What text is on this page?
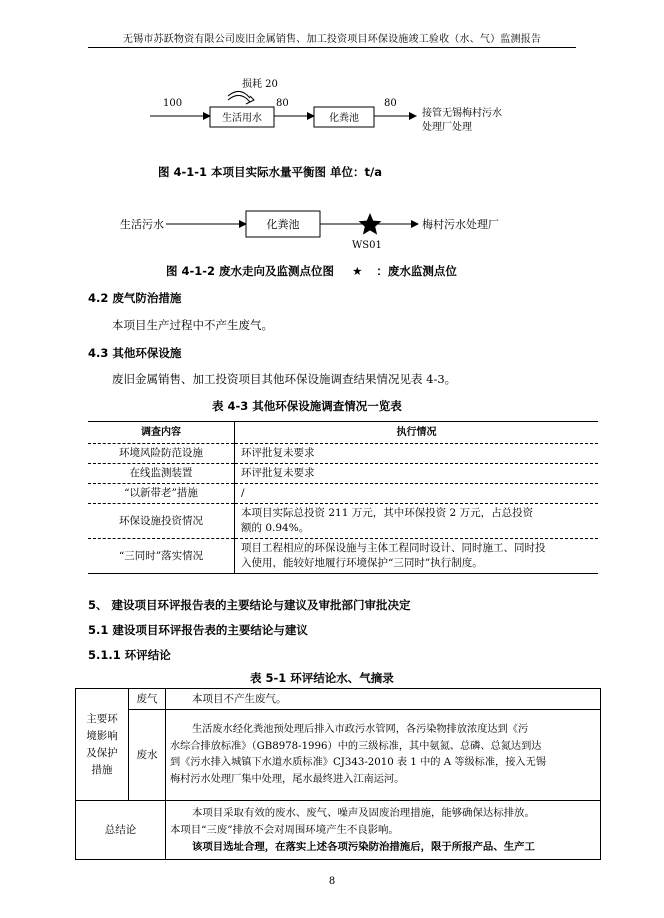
无锡市苏跃物资有限公司废旧金属销售、加工投资项目环保设施竣工验收（水、气）监测报告
损耗 20
100
生活用水
80
化粪池
80
接管无锡梅村污水
处理厂处理
图 4-1-1 本项目实际水量平衡图 单位：t/a
生活污水	化粪池
WS01
梅村污水处理厂
图 4-1-2 废水走向及监测点位图 ★ ：废水监测点位
4.2 废气防治措施
本项目生产过程中不产生废气。
4.3 其他环保设施
废旧金属销售、加工投资项目其他环保设施调查结果情况见表 4-3。
表 4-3 其他环保设施调查情况一览表
调查内容	执行情况
环境风险防范设施	环评批复未要求
在线监测装置	环评批复未要求
“以新带老”措施	/
环保设施投资情况	本项目实际总投资 211 万元，其中环保投资 2 万元，占总投资
额的 0.94%。

“三同时”落实情况	项目工程相应的环保设施与主体工程同时设计、同时施工、同时投
入使用，能较好地履行环境保护“三同时”执行制度。
5、 建设项目环评报告表的主要结论与建议及审批部门审批决定
5.1 建设项目环评报告表的主要结论与建议
5.1.1 环评结论
表 5-1 环评结论水、气摘录
主要环
境影响
及保护
措施	废气	本项目不产生废气。
	废水	生活废水经化粪池预处理后排入市政污水管网，各污染物排放浓度达到《污
水综合排放标准》（GB8978-1996）中的三级标准，其中氨氮、总磷、总氮达到达
到《污水排入城镇下水道水质标准》CJ343-2010 表 1 中的 A 等级标准，接入无锡
梅村污水处理厂集中处理，尾水最终进入江南运河。

总结论		本项目采取有效的废水、废气、噪声及固废治理措施，能够确保达标排放。
本项目“三废”排放不会对周围环境产生不良影响。
该项目选址合理，在落实上述各项污染防治措施后，限于所报产品、生产工
8
